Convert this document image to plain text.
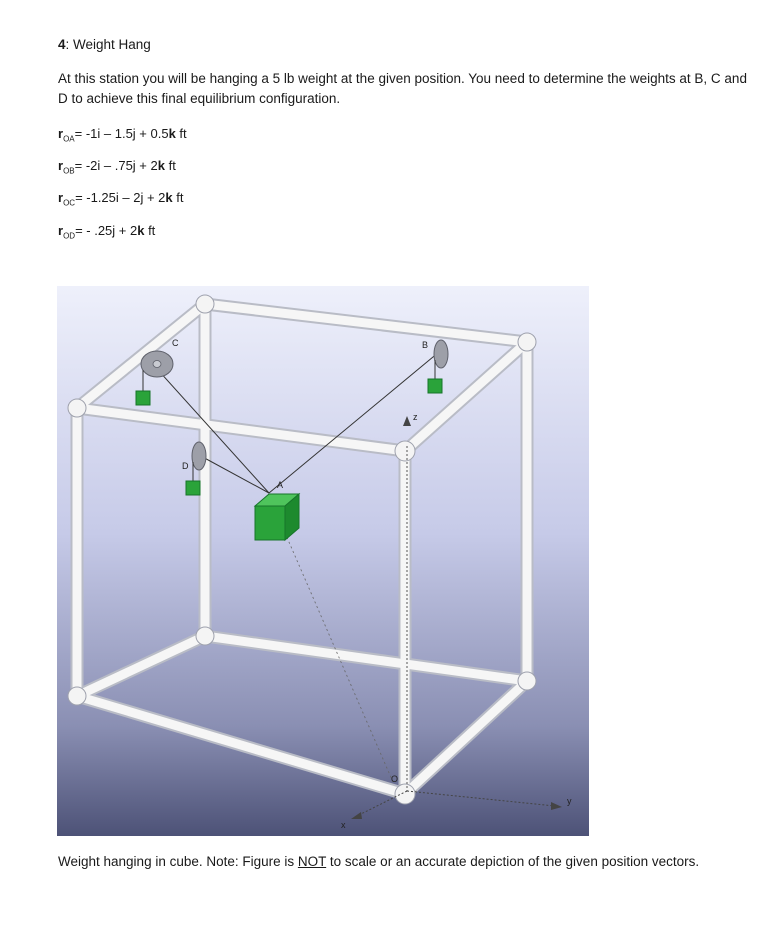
4: Weight Hang
At this station you will be hanging a 5 lb weight at the given position. You need to determine the weights at B, C and D to achieve this final equilibrium configuration.
$r_{OA}= -1i - 1.5j + 0.5k$ ft
$r_{OB}= -2i - .75j + 2k$ ft
$r_{OC}= -1.25i - 2j + 2k$ ft
$r_{OD}= - .25j + 2k$ ft
C	B
D
A
O
z
y
x
Weight hanging in cube. Note: Figure is NOT to scale or an accurate depiction of the given position vectors.
